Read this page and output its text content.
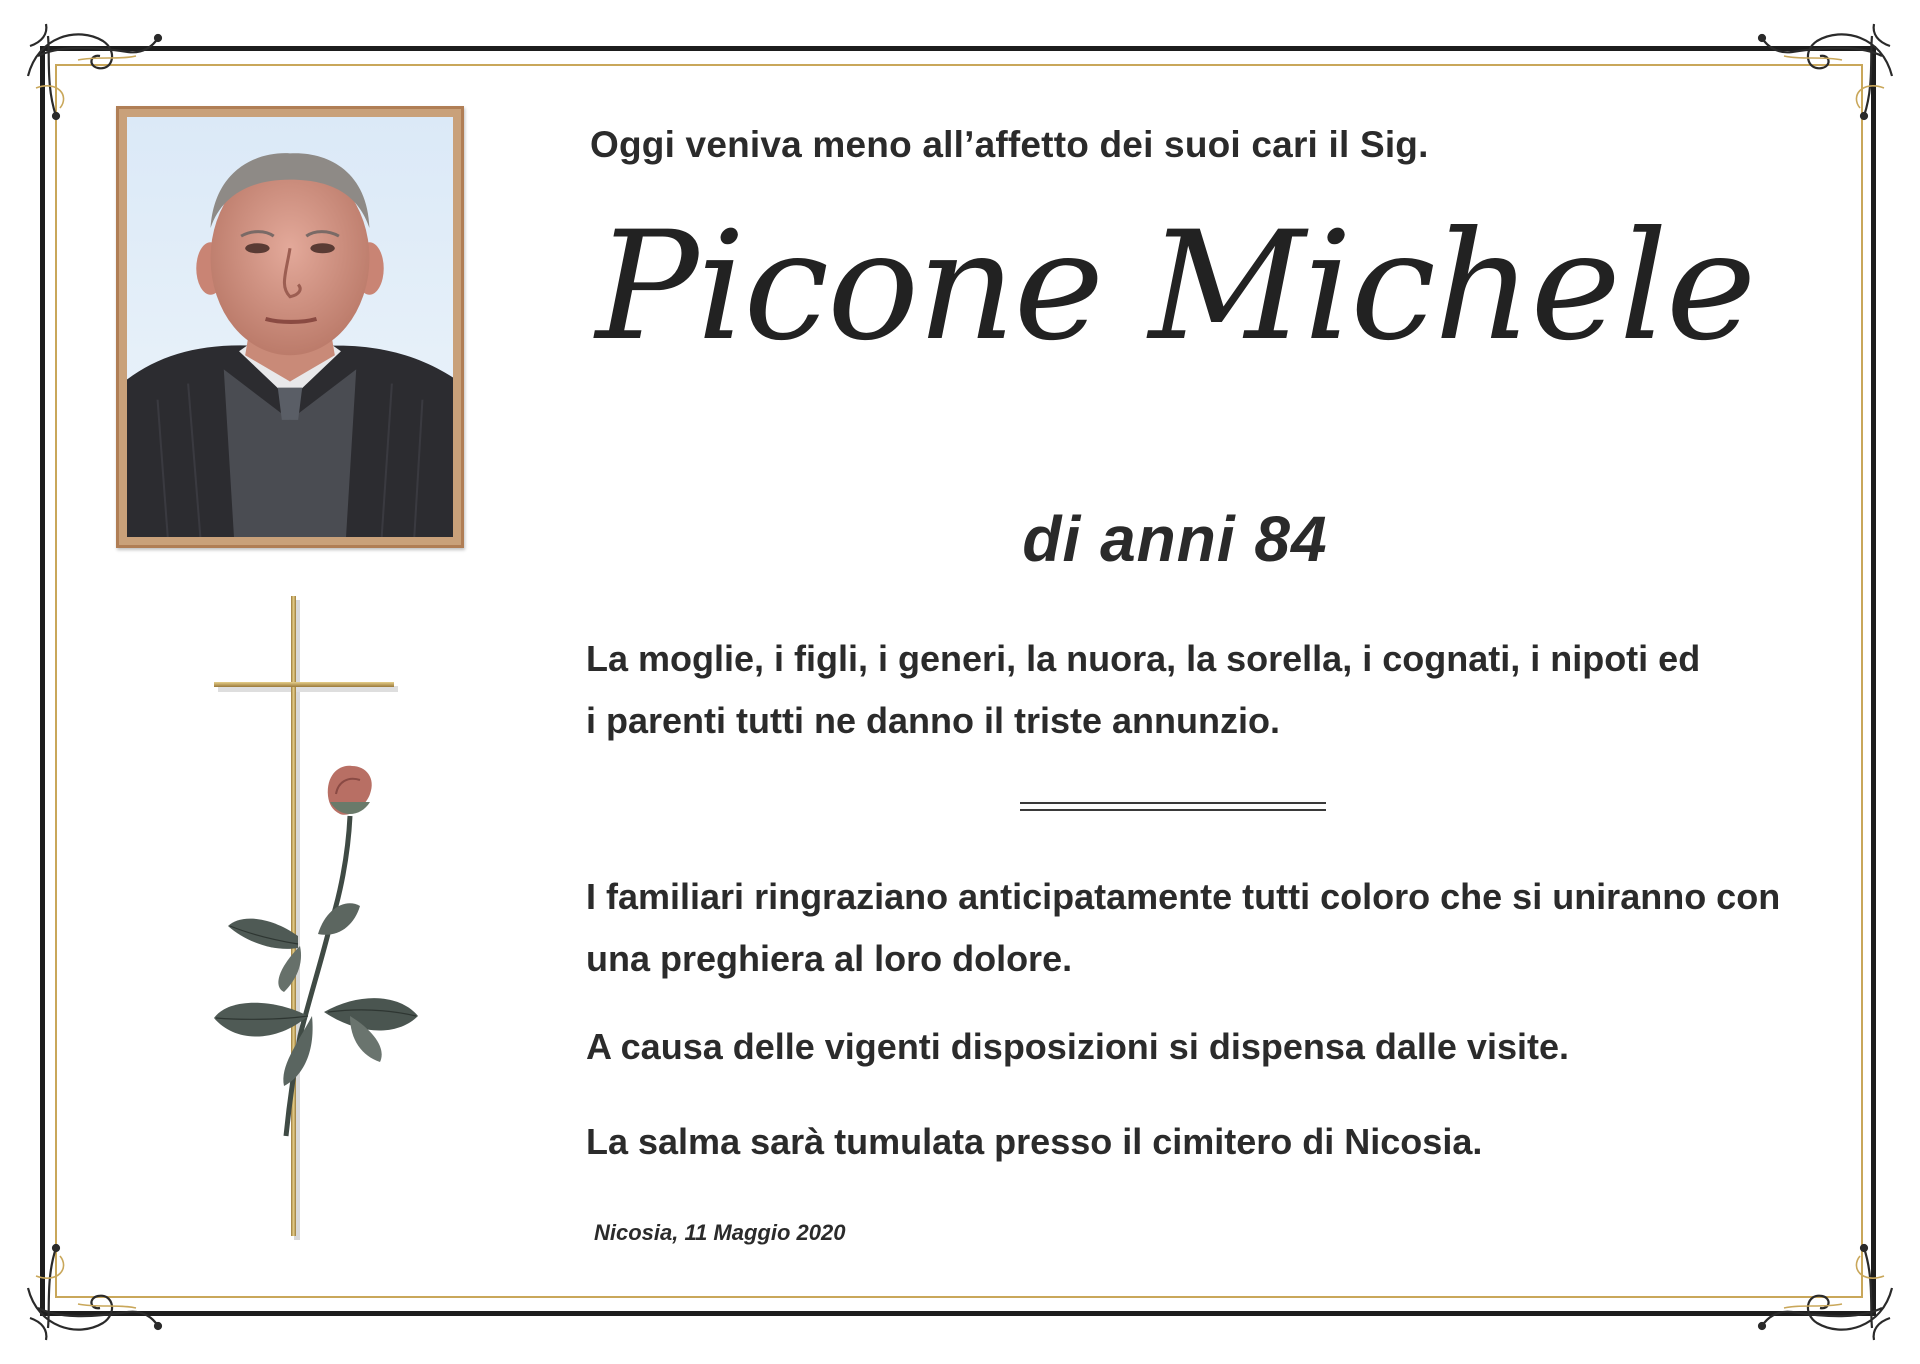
Oggi veniva meno all’affetto dei suoi cari il Sig.
Picone Michele
di anni 84
La moglie, i figli, i generi, la nuora, la sorella, i cognati, i nipoti ed
i parenti tutti ne danno il triste annunzio.
I familiari ringraziano anticipatamente tutti coloro che si uniranno con
una preghiera al loro dolore.
A causa delle vigenti disposizioni si dispensa dalle visite.
La salma sarà tumulata presso il cimitero di Nicosia.
Nicosia, 11 Maggio 2020
